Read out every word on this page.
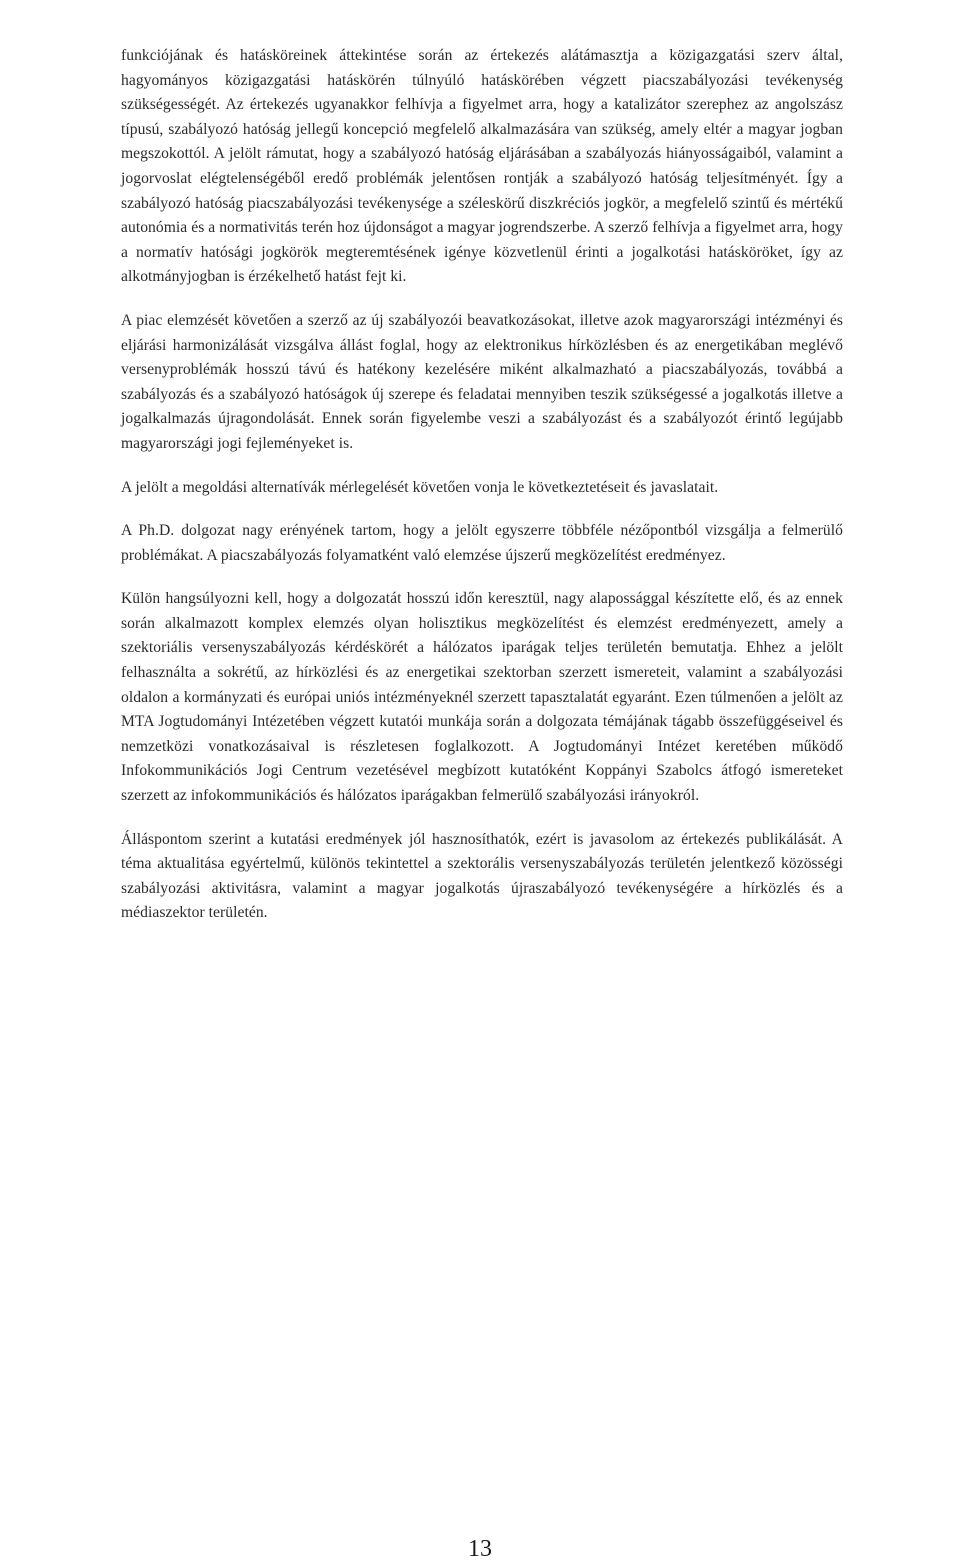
funkciójának és hatásköreinek áttekintése során az értekezés alátámasztja a közigazgatási szerv által, hagyományos közigazgatási hatáskörén túlnyúló hatáskörében végzett piacszabályozási tevékenység szükségességét. Az értekezés ugyanakkor felhívja a figyelmet arra, hogy a katalizátor szerephez az angolszász típusú, szabályozó hatóság jellegű koncepció megfelelő alkalmazására van szükség, amely eltér a magyar jogban megszokottól. A jelölt rámutat, hogy a szabályozó hatóság eljárásában a szabályozás hiányosságaiból, valamint a jogorvoslat elégtelenségéből eredő problémák jelentősen rontják a szabályozó hatóság teljesítményét. Így a szabályozó hatóság piacszabályozási tevékenysége a széleskörű diszkréciós jogkör, a megfelelő szintű és mértékű autonómia és a normativitás terén hoz újdonságot a magyar jogrendszerbe. A szerző felhívja a figyelmet arra, hogy a normatív hatósági jogkörök megteremtésének igénye közvetlenül érinti a jogalkotási hatásköröket, így az alkotmányjogban is érzékelhető hatást fejt ki.

A piac elemzését követően a szerző az új szabályozói beavatkozásokat, illetve azok magyarországi intézményi és eljárási harmonizálását vizsgálva állást foglal, hogy az elektronikus hírközlésben és az energetikában meglévő versenyproblémák hosszú távú és hatékony kezelésére miként alkalmazható a piacszabályozás, továbbá a szabályozás és a szabályozó hatóságok új szerepe és feladatai mennyiben teszik szükségessé a jogalkotás illetve a jogalkalmazás újragondolását. Ennek során figyelembe veszi a szabályozást és a szabályozót érintő legújabb magyarországi jogi fejleményeket is.

A jelölt a megoldási alternatívák mérlegelését követően vonja le következtetéseit és javaslatait.

A Ph.D. dolgozat nagy erényének tartom, hogy a jelölt egyszerre többféle nézőpontból vizsgálja a felmerülő problémákat. A piacszabályozás folyamatként való elemzése újszerű megközelítést eredményez.

Külön hangsúlyozni kell, hogy a dolgozatát hosszú időn keresztül, nagy alapossággal készítette elő, és az ennek során alkalmazott komplex elemzés olyan holisztikus megközelítést és elemzést eredményezett, amely a szektoriális versenyszabályozás kérdéskörét a hálózatos iparágak teljes területén bemutatja. Ehhez a jelölt felhasználta a sokrétű, az hírközlési és az energetikai szektorban szerzett ismereteit, valamint a szabályozási oldalon a kormányzati és európai uniós intézményeknél szerzett tapasztalatát egyaránt. Ezen túlmenően a jelölt az MTA Jogtudományi Intézetében végzett kutatói munkája során a dolgozata témájának tágabb összefüggéseivel és nemzetközi vonatkozásaival is részletesen foglalkozott. A Jogtudományi Intézet keretében működő Infokommunikációs Jogi Centrum vezetésével megbízott kutatóként Koppányi Szabolcs átfogó ismereteket szerzett az infokommunikációs és hálózatos iparágakban felmerülő szabályozási irányokról.

Álláspontom szerint a kutatási eredmények jól hasznosíthatók, ezért is javasolom az értekezés publikálását. A téma aktualitása egyértelmű, különös tekintettel a szektorális versenyszabályozás területén jelentkező közösségi szabályozási aktivitásra, valamint a magyar jogalkotás újraszabályozó tevékenységére a hírközlés és a médiaszektor területén.

13
